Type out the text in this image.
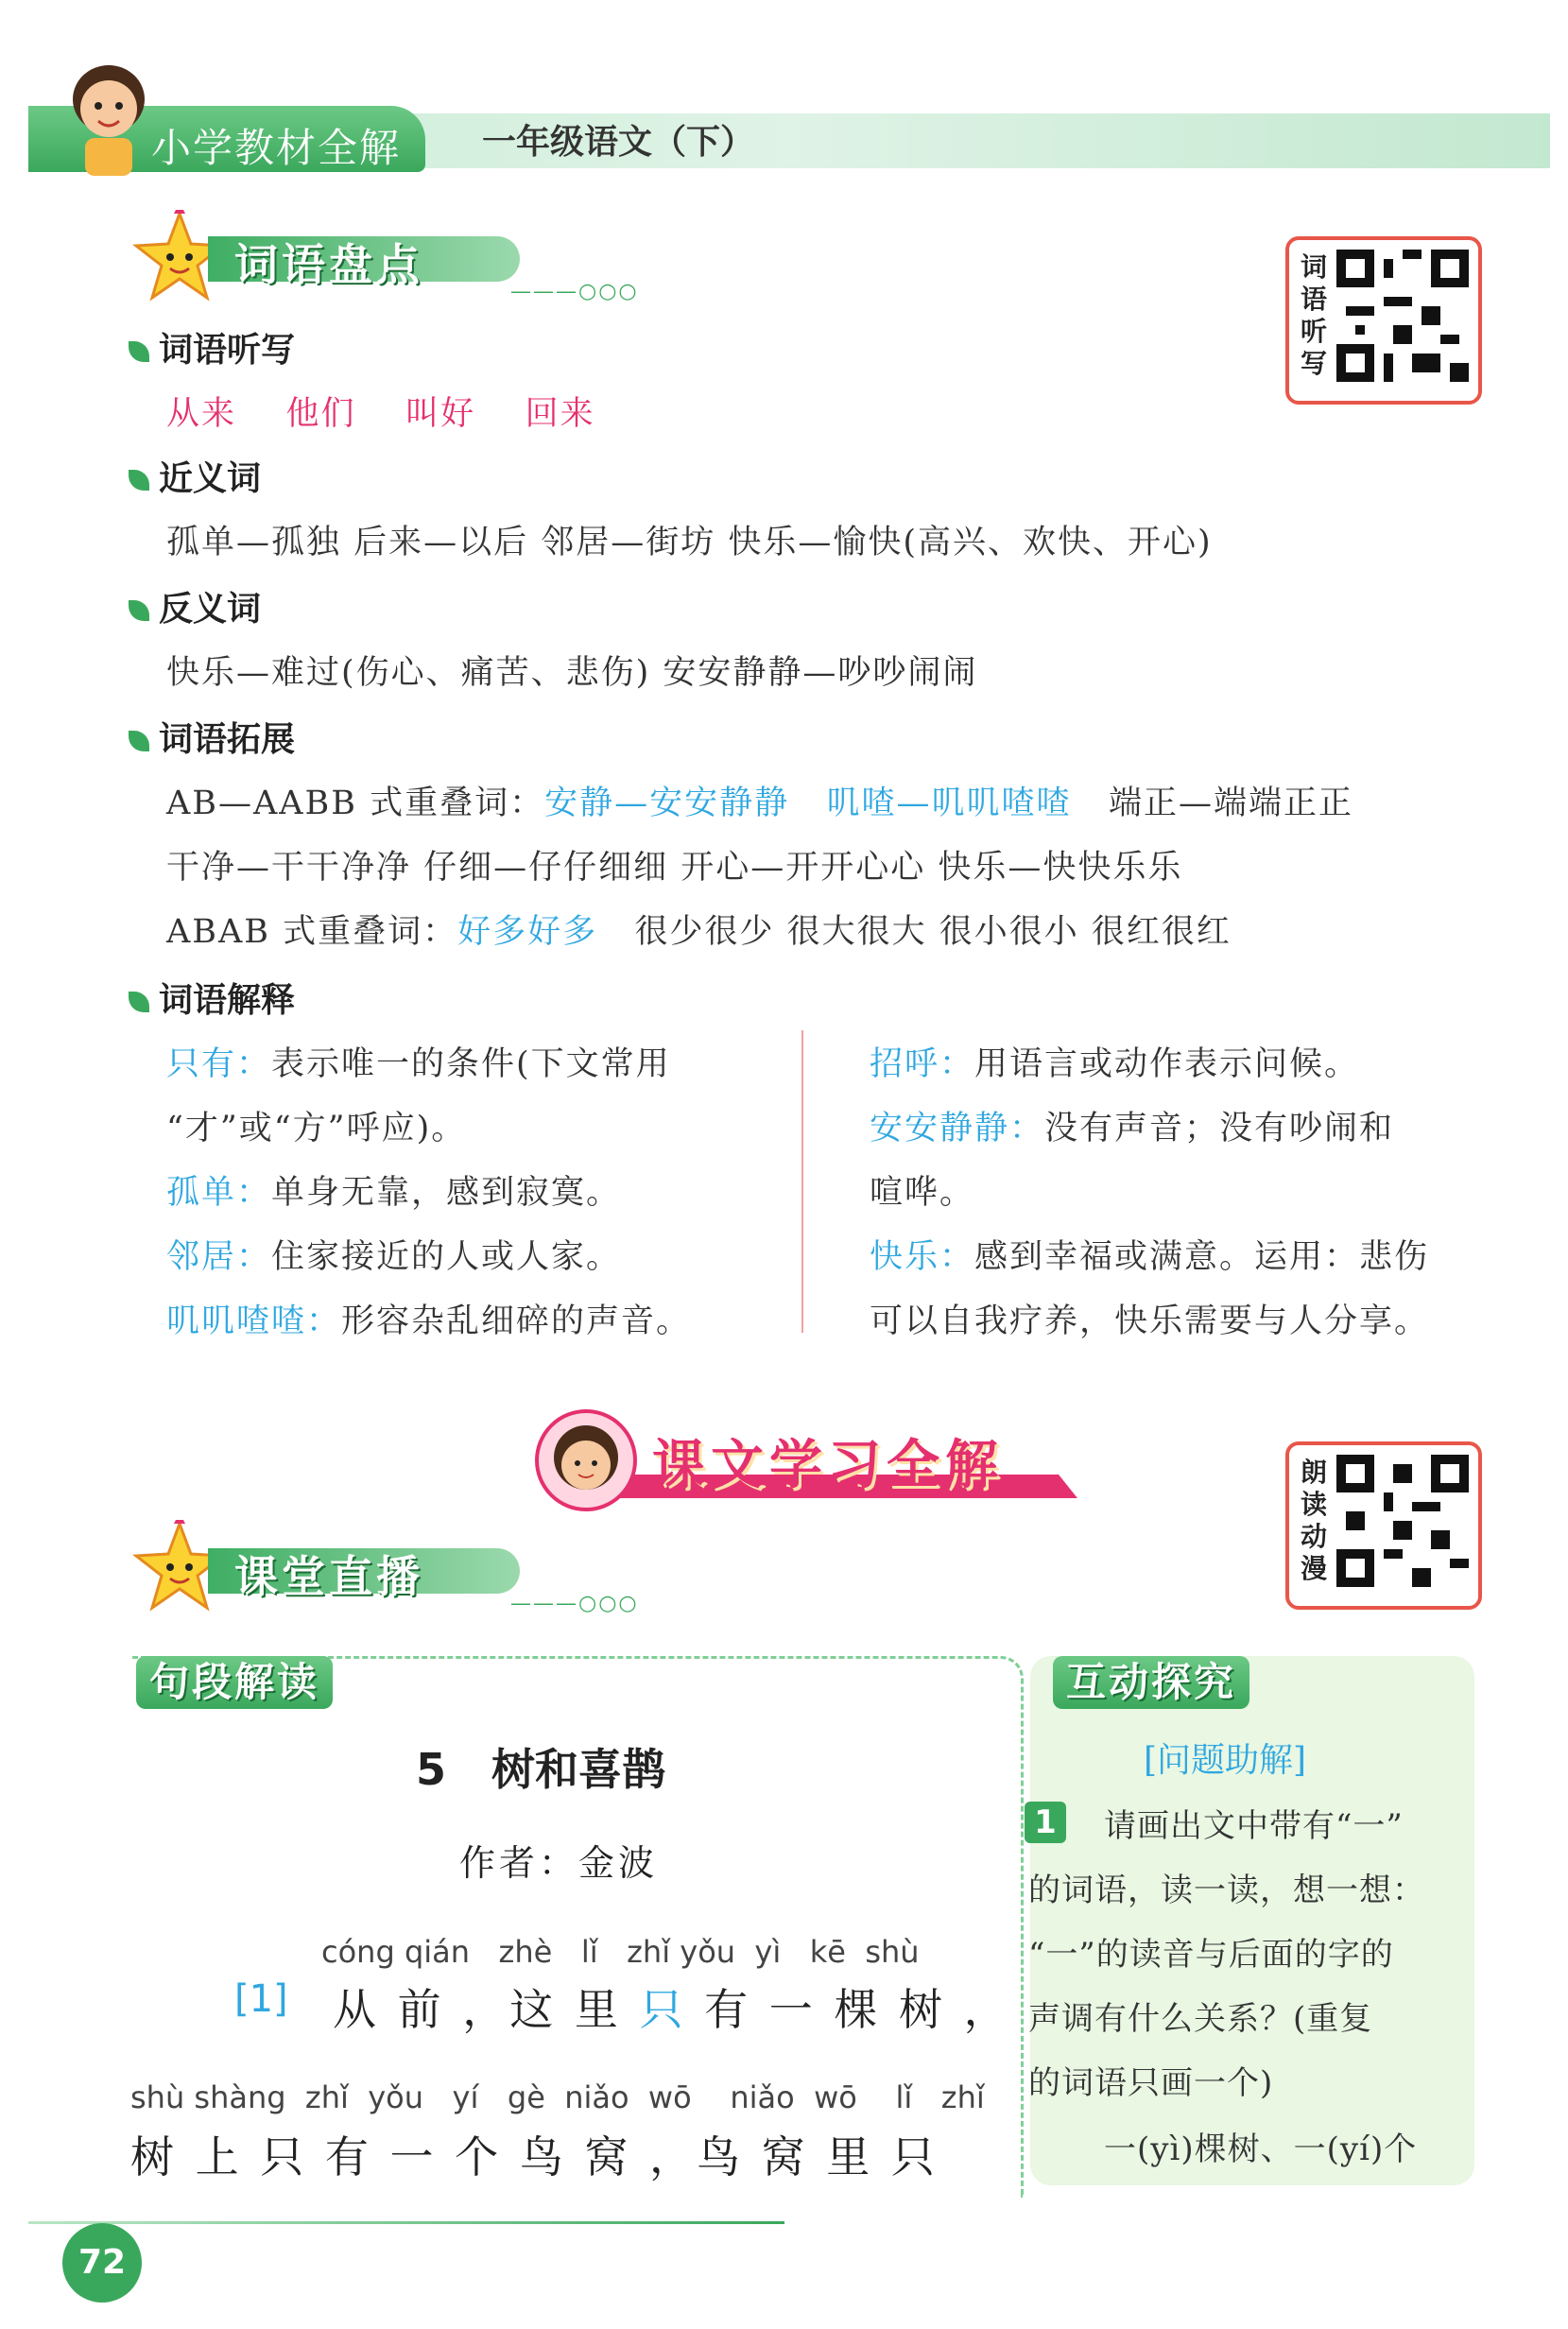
小学教材全解 一年级语文（下）
词语盘点
———○○○
词
语
听
写
词语听写
从来 他们 叫好 回来
近义词
孤单—孤独 后来—以后 邻居—街坊 快乐—愉快(高兴、欢快、开心)
反义词
快乐—难过(伤心、痛苦、悲伤) 安安静静—吵吵闹闹
词语拓展
AB—AABB 式重叠词：安静—安安静静 叽喳—叽叽喳喳 端正—端端正正
干净—干干净净 仔细—仔仔细细 开心—开开心心 快乐—快快乐乐
ABAB 式重叠词：好多好多 很少很少 很大很大 很小很小 很红很红
词语解释
只有：表示唯一的条件(下文常用
“才”或“方”呼应)。
孤单：单身无靠，感到寂寞。
邻居：住家接近的人或人家。
叽叽喳喳：形容杂乱细碎的声音。
招呼：用语言或动作表示问候。
安安静静：没有声音；没有吵闹和
喧哗。
快乐：感到幸福或满意。运用：悲伤
可以自我疗养，快乐需要与人分享。
课文学习全解	朗
读
动
漫
课堂直播
———○○○
句段解读
5   树和喜鹊
作者：金波
cóng qián   zhè   lǐ   zhǐ yǒu  yì   kē  shù
[1] 从 前 ，这 里 只 有 一 棵 树 ，
shù shàng  zhǐ  yǒu   yí   gè  niǎo  wō    niǎo  wō    lǐ   zhǐ
树 上 只 有 一 个 鸟 窝 ，鸟 窝 里 只
互动探究
[问题助解]
1 请画出文中带有“一”
的词语，读一读，想一想：
“一”的读音与后面的字的
声调有什么关系？(重复
的词语只画一个)
一(yì)棵树、一(yí)个
72
